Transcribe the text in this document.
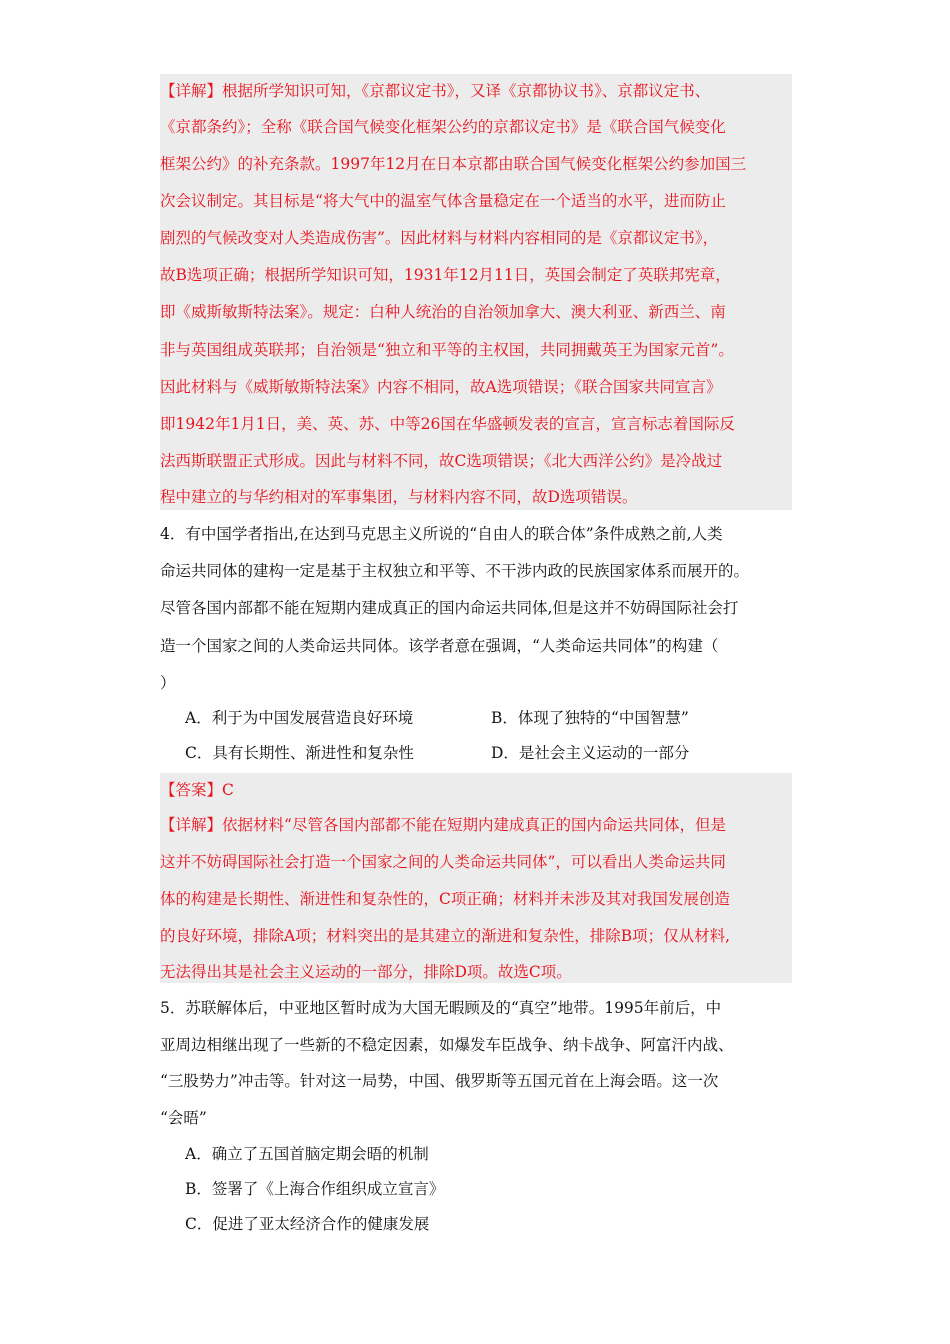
【详解】根据所学知识可知，《京都议定书》，又译《京都协议书》、京都议定书、
《京都条约》；全称《联合国气候变化框架公约的京都议定书》是《联合国气候变化
框架公约》的补充条款。1997年12月在日本京都由联合国气候变化框架公约参加国三
次会议制定。其目标是“将大气中的温室气体含量稳定在一个适当的水平，进而防止
剧烈的气候改变对人类造成伤害”。因此材料与材料内容相同的是《京都议定书》，
故B选项正确；根据所学知识可知，1931年12月11日，英国会制定了英联邦宪章，
即《威斯敏斯特法案》。规定：白种人统治的自治领加拿大、澳大利亚、新西兰、南
非与英国组成英联邦；自治领是“独立和平等的主权国，共同拥戴英王为国家元首”。
因此材料与《威斯敏斯特法案》内容不相同，故A选项错误；《联合国家共同宣言》
即1942年1月1日，美、英、苏、中等26国在华盛顿发表的宣言，宣言标志着国际反
法西斯联盟正式形成。因此与材料不同，故C选项错误；《北大西洋公约》是冷战过
程中建立的与华约相对的军事集团，与材料内容不同，故D选项错误。
4．有中国学者指出,在达到马克思主义所说的“自由人的联合体”条件成熟之前,人类
命运共同体的建构一定是基于主权独立和平等、不干涉内政的民族国家体系而展开的。
尽管各国内部都不能在短期内建成真正的国内命运共同体,但是这并不妨碍国际社会打
造一个国家之间的人类命运共同体。该学者意在强调，“人类命运共同体”的构建（
）
A．利于为中国发展营造良好环境	B．体现了独特的“中国智慧”
C．具有长期性、渐进性和复杂性	D．是社会主义运动的一部分
【答案】C
【详解】依据材料“尽管各国内部都不能在短期内建成真正的国内命运共同体，但是
这并不妨碍国际社会打造一个国家之间的人类命运共同体”，可以看出人类命运共同
体的构建是长期性、渐进性和复杂性的，C项正确；材料并未涉及其对我国发展创造
的良好环境，排除A项；材料突出的是其建立的渐进和复杂性，排除B项；仅从材料,
无法得出其是社会主义运动的一部分，排除D项。故选C项。
5．苏联解体后，中亚地区暂时成为大国无暇顾及的“真空”地带。1995年前后，中
亚周边相继出现了一些新的不稳定因素，如爆发车臣战争、纳卡战争、阿富汗内战、
“三股势力”冲击等。针对这一局势，中国、俄罗斯等五国元首在上海会晤。这一次
“会晤”
A．确立了五国首脑定期会晤的机制
B．签署了《上海合作组织成立宣言》
C．促进了亚太经济合作的健康发展
